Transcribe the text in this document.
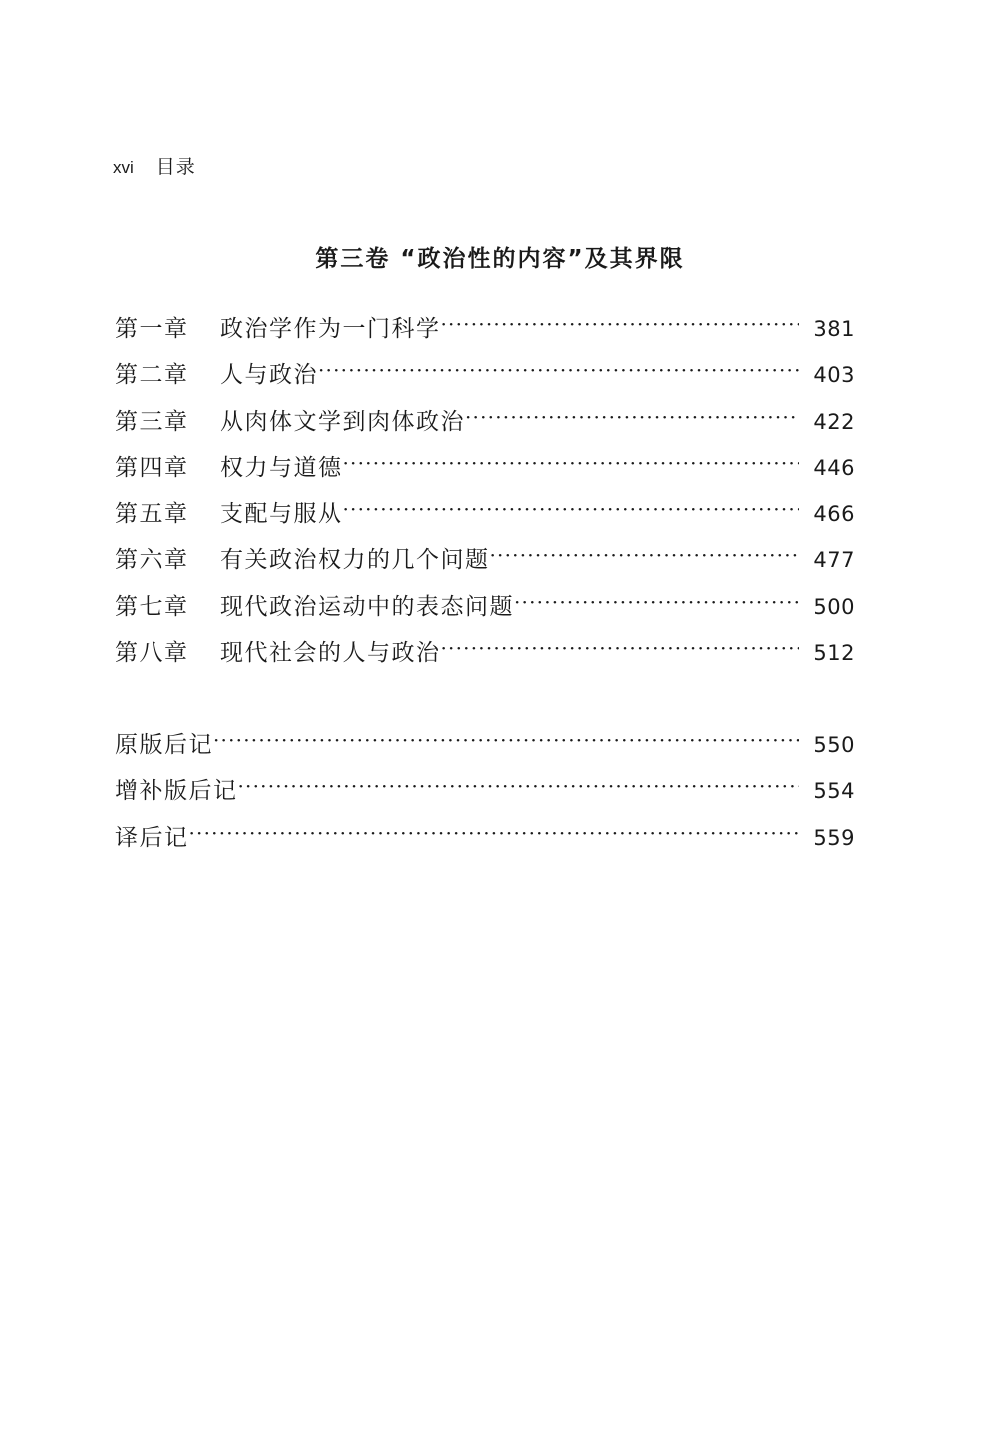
xvi 目录
第三卷 “政治性的内容”及其界限
第一章	政治学作为一门科学 ·····	381
第二章	人与政治 ·····	403
第三章	从肉体文学到肉体政治 ·····	422
第四章	权力与道德 ·····	446
第五章	支配与服从 ·····	466
第六章	有关政治权力的几个问题 ·····	477
第七章	现代政治运动中的表态问题 ·····	500
第八章	现代社会的人与政治 ·····	512
原版后记 ·····	550
增补版后记 ·····	554
译后记 ·····	559
